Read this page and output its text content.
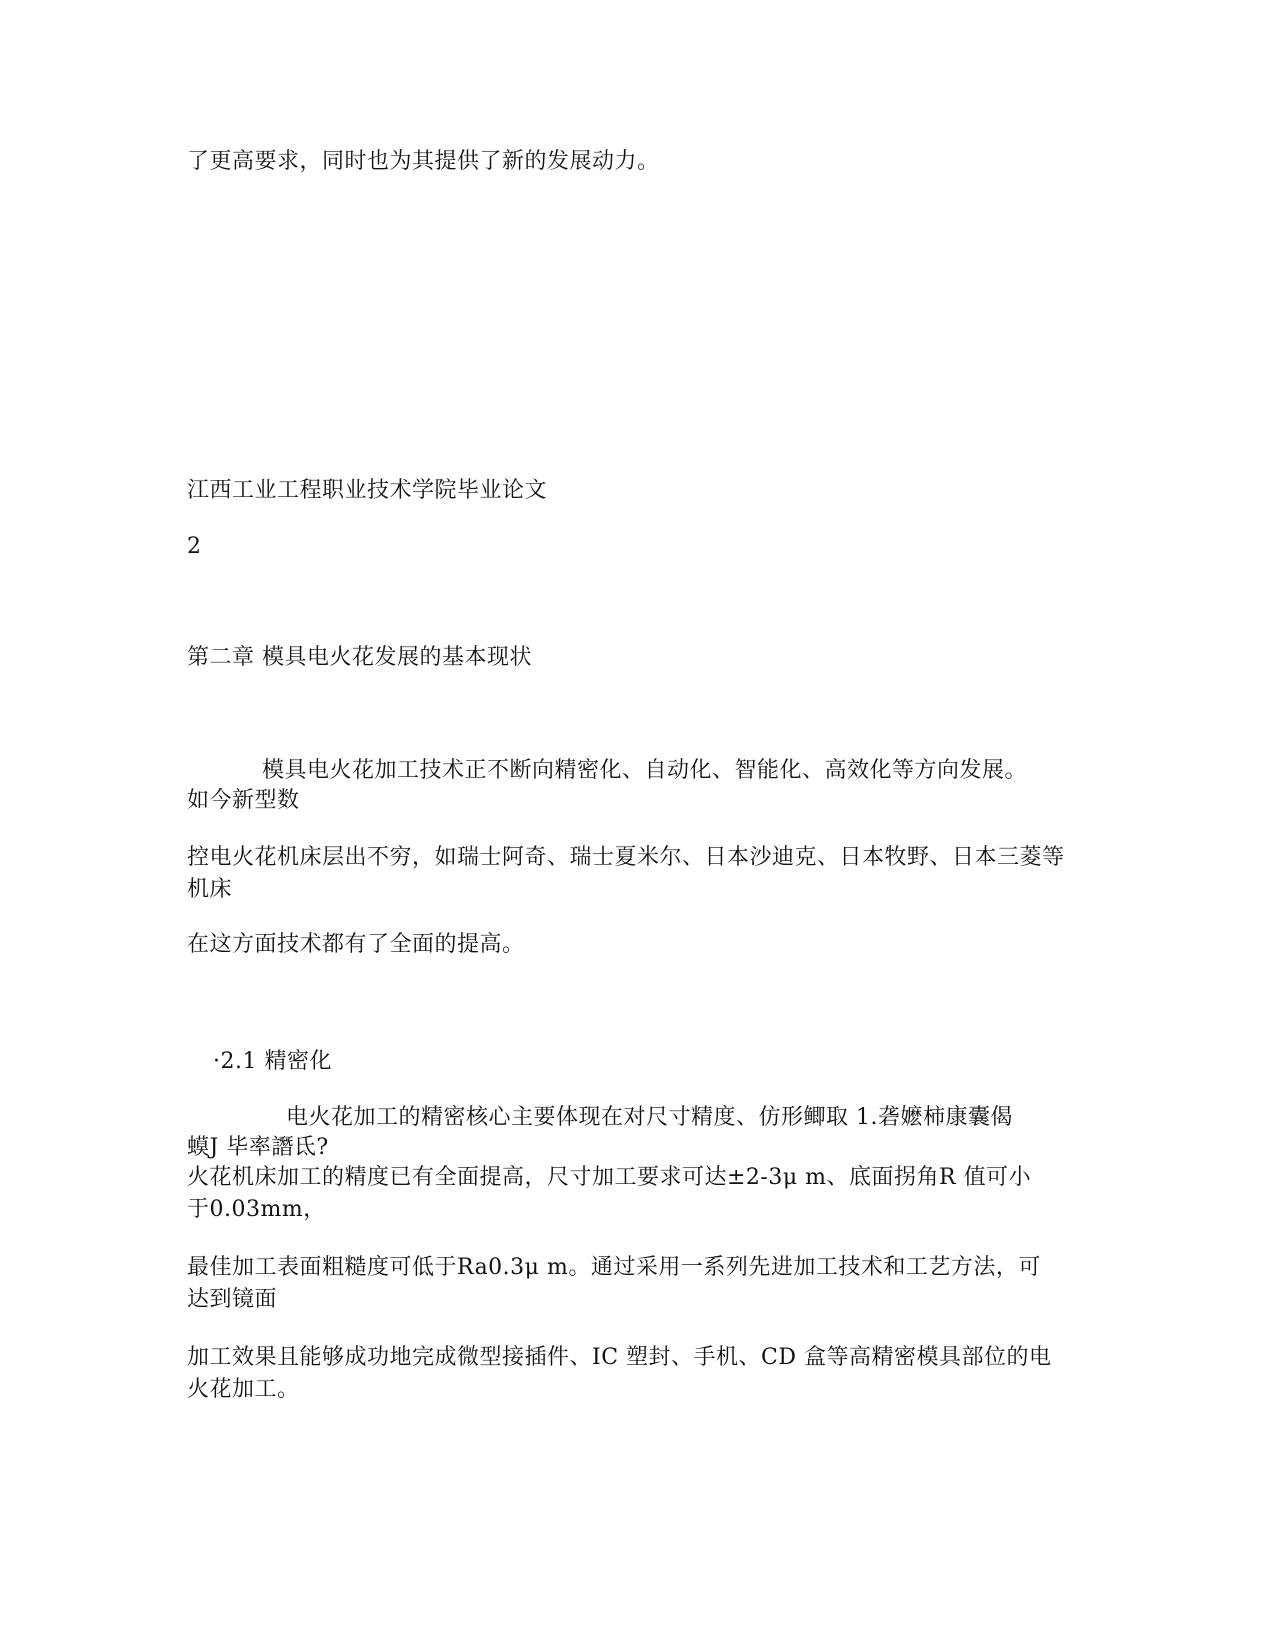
了更高要求，同时也为其提供了新的发展动力。
江西工业工程职业技术学院毕业论文
2
第二章 模具电火花发展的基本现状
模具电火花加工技术正不断向精密化、自动化、智能化、高效化等方向发展。
如今新型数
控电火花机床层出不穷，如瑞士阿奇、瑞士夏米尔、日本沙迪克、日本牧野、日本三菱等机床
在这方面技术都有了全面的提高。
·2.1 精密化
电火花加工的精密核心主要体现在对尺寸精度、仿形鲫取 1.砻嬷柿康囊偈
蟆J 毕率譖氐?
火花机床加工的精度已有全面提高，尺寸加工要求可达±2-3μ m、底面拐角R 值可小于0.03mm，
最佳加工表面粗糙度可低于Ra0.3μ m。通过采用一系列先进加工技术和工艺方法，可达到镜面
加工效果且能够成功地完成微型接插件、IC 塑封、手机、CD 盒等高精密模具部位的电火花加工。
